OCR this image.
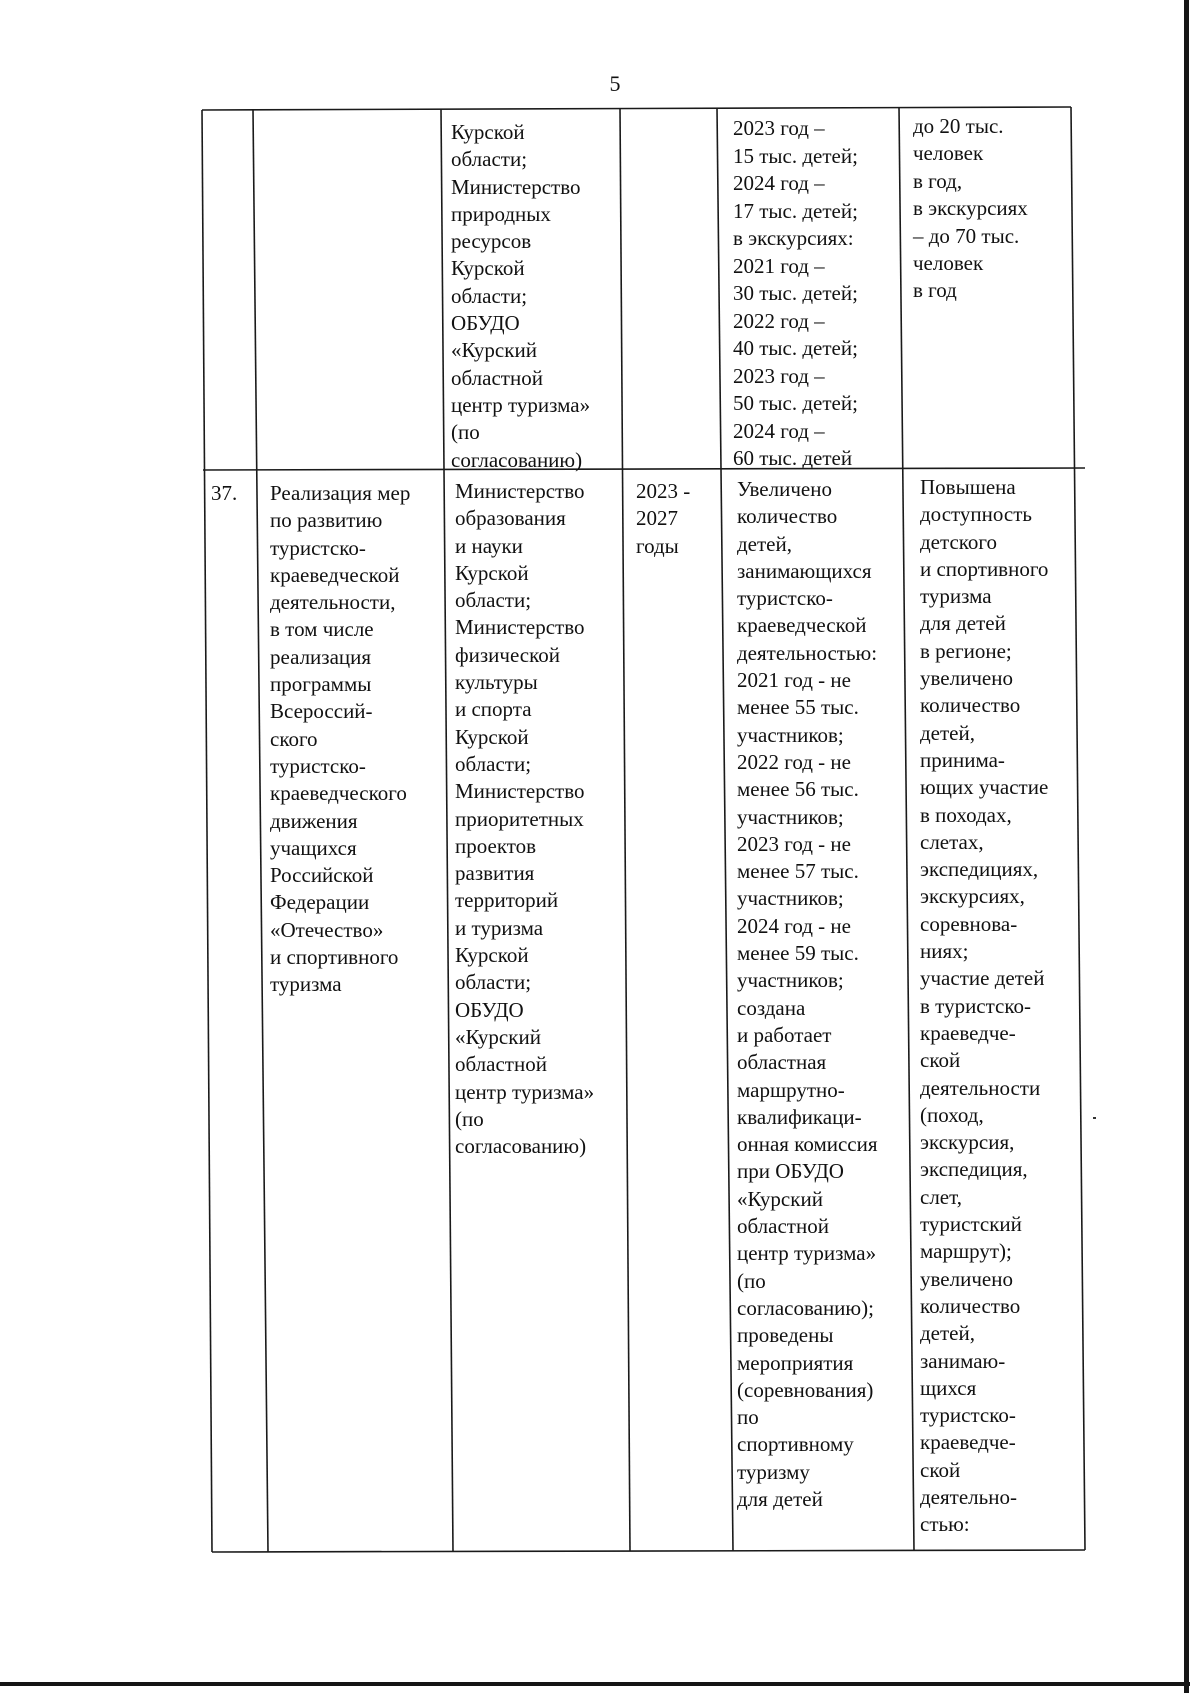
5
Курской
области;
Министерство
природных
ресурсов
Курской
области;
ОБУДО
«Курский
областной
центр туризма»
(по
согласованию)
2023 год –
15 тыс. детей;
2024 год –
17 тыс. детей;
в экскурсиях:
2021 год –
30 тыс. детей;
2022 год –
40 тыс. детей;
2023 год –
50 тыс. детей;
2024 год –
60 тыс. детей
до 20 тыс.
человек
в год,
в экскурсиях
– до 70 тыс.
человек
в год
37. Реализация мер
по развитию
туристско-
краеведческой
деятельности,
в том числе
реализация
программы
Всероссий-
ского
туристско-
краеведческого
движения
учащихся
Российской
Федерации
«Отечество»
и спортивного
туризма
Министерство
образования
и науки
Курской
области;
Министерство
физической
культуры
и спорта
Курской
области;
Министерство
приоритетных
проектов
развития
территорий
и туризма
Курской
области;
ОБУДО
«Курский
областной
центр туризма»
(по
согласованию)
2023 -
2027
годы
Увеличено
количество
детей,
занимающихся
туристско-
краеведческой
деятельностью:
2021 год - не
менее 55 тыс.
участников;
2022 год - не
менее 56 тыс.
участников;
2023 год - не
менее 57 тыс.
участников;
2024 год - не
менее 59 тыс.
участников;
создана
и работает
областная
маршрутно-
квалификаци-
онная комиссия
при ОБУДО
«Курский
областной
центр туризма»
(по
согласованию);
проведены
мероприятия
(соревнования)
по
спортивному
туризму
для детей
Повышена
доступность
детского
и спортивного
туризма
для детей
в регионе;
увеличено
количество
детей,
принима-
ющих участие
в походах,
слетах,
экспедициях,
экскурсиях,
соревнова-
ниях;
участие детей
в туристско-
краеведче-
ской
деятельности
(поход,
экскурсия,
экспедиция,
слет,
туристский
маршрут);
увеличено
количество
детей,
занимаю-
щихся
туристско-
краеведче-
ской
деятельно-
стью:
